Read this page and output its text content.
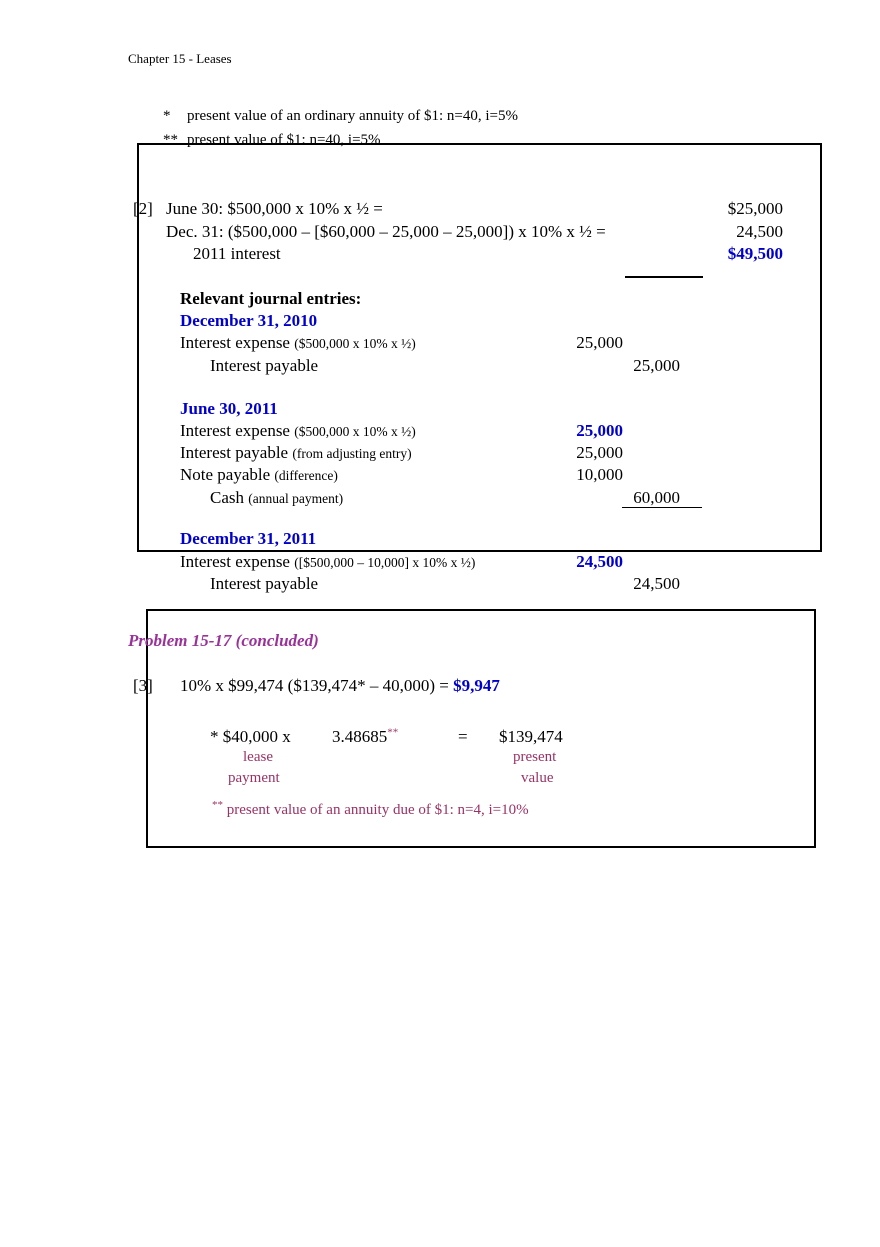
Chapter 15 - Leases
* present value of an ordinary annuity of $1: n=40, i=5%
** present value of $1: n=40, i=5%
[2] June 30: $500,000 x 10% x ½ =	$25,000
Dec. 31: ($500,000 – [$60,000 – 25,000 – 25,000]) x 10% x ½ =	24,500
2011 interest	$49,500
Relevant journal entries:
December 31, 2010
Interest expense ($500,000 x 10% x ½)	25,000
Interest payable	25,000
June 30, 2011
Interest expense ($500,000 x 10% x ½)	25,000
Interest payable (from adjusting entry)	25,000
Note payable (difference)	10,000
Cash (annual payment)	60,000
December 31, 2011
Interest expense ([$500,000 – 10,000] x 10% x ½)	24,500
Interest payable	24,500
Problem 15-17 (concluded)
[3] 10% x $99,474 ($139,474* – 40,000) = $9,947
* $40,000 x 3.48685**	= $139,474
lease	present
payment	value
** present value of an annuity due of $1: n=4, i=10%
